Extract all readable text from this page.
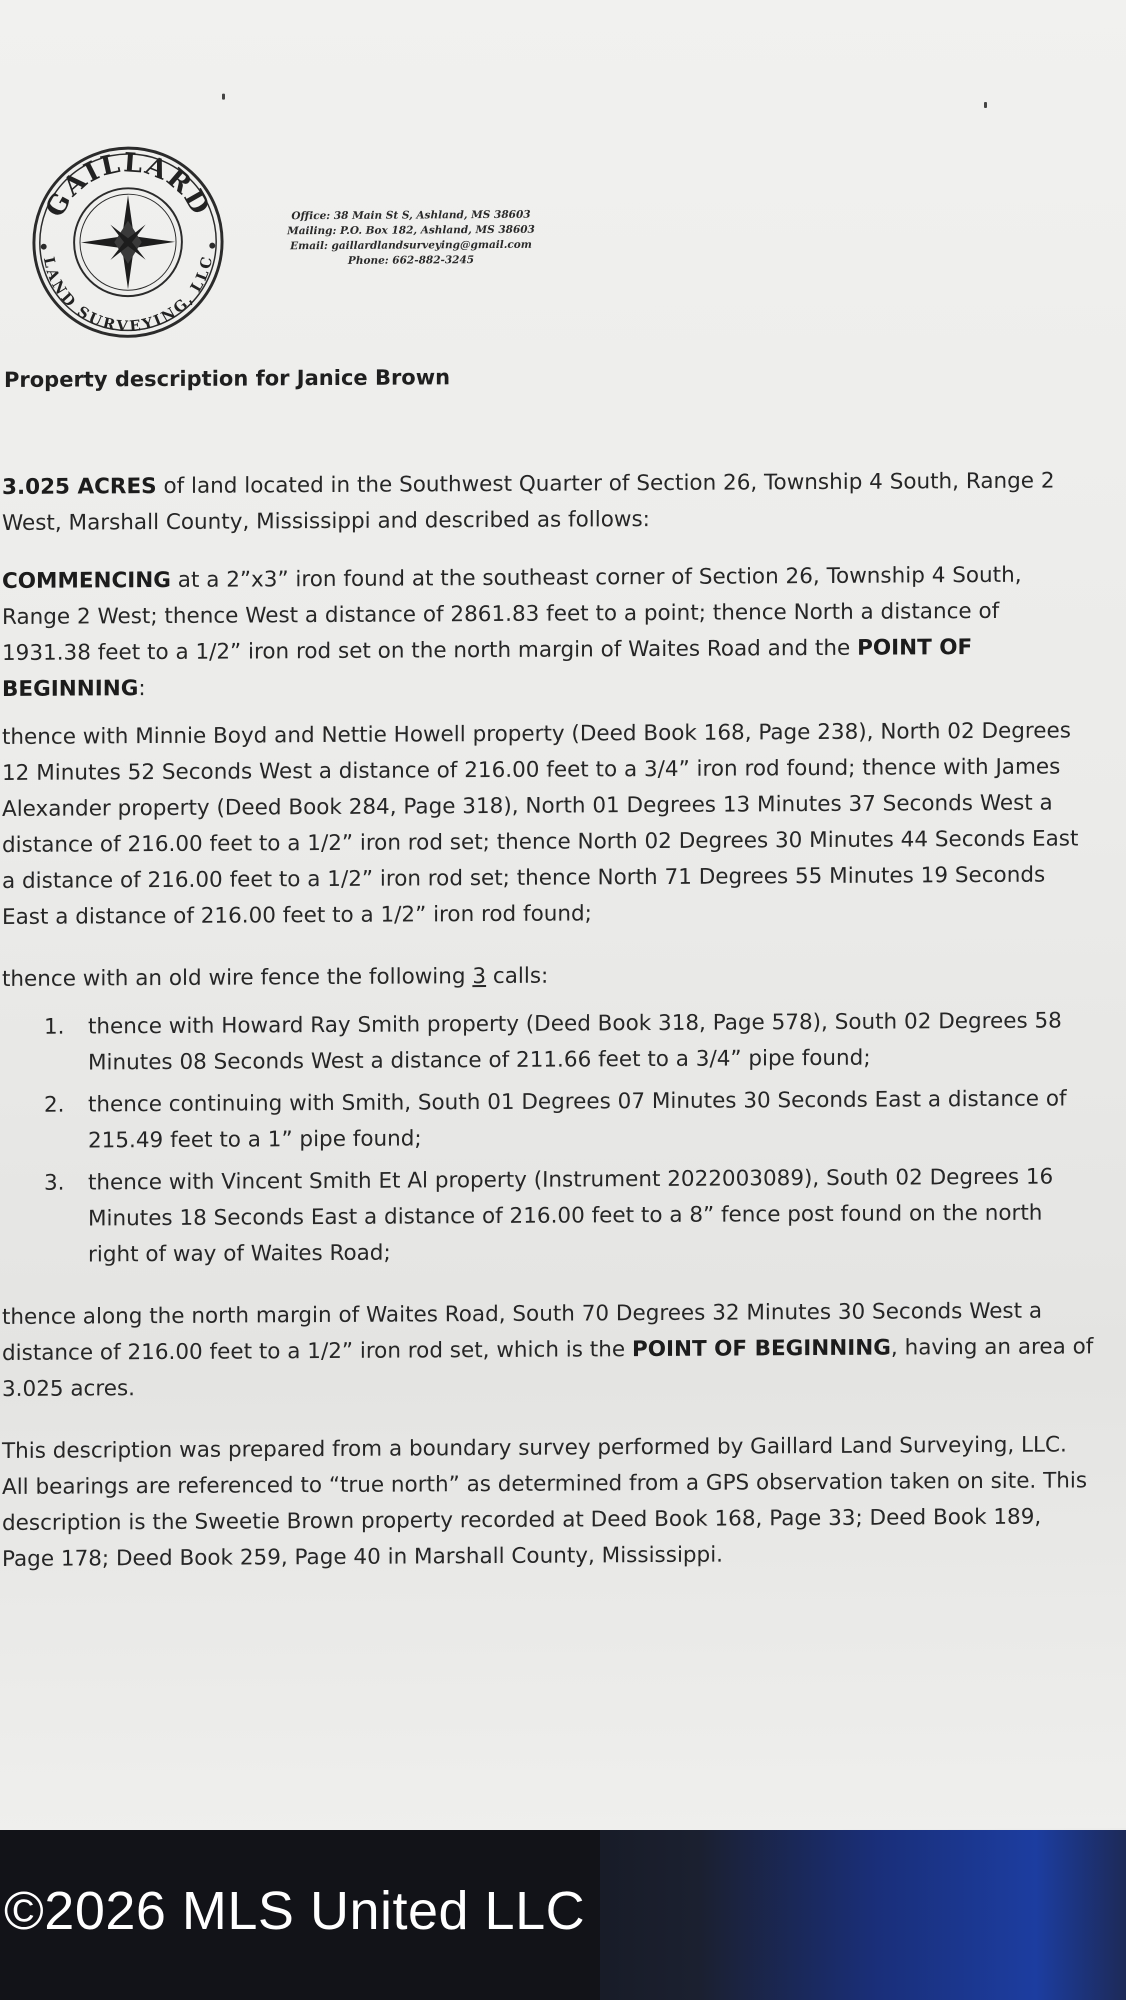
GAILLARD
LAND SURVEYING, LLC
Office: 38 Main St S, Ashland, MS 38603
Mailing: P.O. Box 182, Ashland, MS 38603
Email: gaillardlandsurveying@gmail.com
Phone: 662-882-3245
Property description for Janice Brown
3.025 ACRES of land located in the Southwest Quarter of Section 26, Township 4 South, Range 2
West, Marshall County, Mississippi and described as follows:
COMMENCING at a 2”x3” iron found at the southeast corner of Section 26, Township 4 South,
Range 2 West; thence West a distance of 2861.83 feet to a point; thence North a distance of
1931.38 feet to a 1/2” iron rod set on the north margin of Waites Road and the POINT OF
BEGINNING:
thence with Minnie Boyd and Nettie Howell property (Deed Book 168, Page 238), North 02 Degrees
12 Minutes 52 Seconds West a distance of 216.00 feet to a 3/4” iron rod found; thence with James
Alexander property (Deed Book 284, Page 318), North 01 Degrees 13 Minutes 37 Seconds West a
distance of 216.00 feet to a 1/2” iron rod set; thence North 02 Degrees 30 Minutes 44 Seconds East
a distance of 216.00 feet to a 1/2” iron rod set; thence North 71 Degrees 55 Minutes 19 Seconds
East a distance of 216.00 feet to a 1/2” iron rod found;
thence with an old wire fence the following 3 calls:
1. thence with Howard Ray Smith property (Deed Book 318, Page 578), South 02 Degrees 58
Minutes 08 Seconds West a distance of 211.66 feet to a 3/4” pipe found;
2. thence continuing with Smith, South 01 Degrees 07 Minutes 30 Seconds East a distance of
215.49 feet to a 1” pipe found;
3. thence with Vincent Smith Et Al property (Instrument 2022003089), South 02 Degrees 16
Minutes 18 Seconds East a distance of 216.00 feet to a 8” fence post found on the north
right of way of Waites Road;
thence along the north margin of Waites Road, South 70 Degrees 32 Minutes 30 Seconds West a
distance of 216.00 feet to a 1/2” iron rod set, which is the POINT OF BEGINNING, having an area of
3.025 acres.
This description was prepared from a boundary survey performed by Gaillard Land Surveying, LLC.
All bearings are referenced to “true north” as determined from a GPS observation taken on site. This
description is the Sweetie Brown property recorded at Deed Book 168, Page 33; Deed Book 189,
Page 178; Deed Book 259, Page 40 in Marshall County, Mississippi.
©2026 MLS United LLC
